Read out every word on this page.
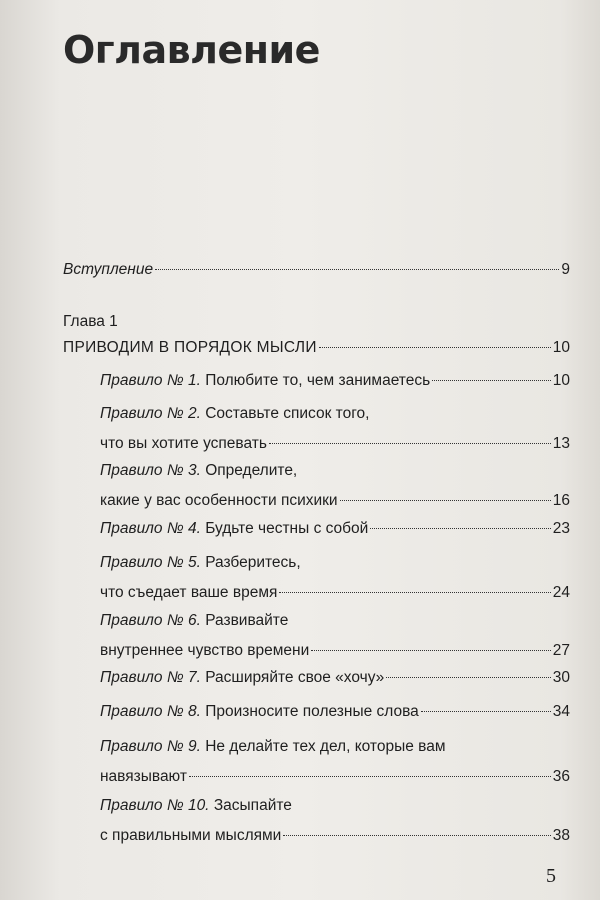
Оглавление
Вступление	9
Глава 1
ПРИВОДИМ В ПОРЯДОК МЫСЛИ	10
Правило № 1. Полюбите то, чем занимаетесь	10
Правило № 2. Составьте список того,
что вы хотите успевать	13
Правило № 3. Определите,
какие у вас особенности психики	16
Правило № 4. Будьте честны с собой	23
Правило № 5. Разберитесь,
что съедает ваше время	24
Правило № 6. Развивайте
внутреннее чувство времени	27
Правило № 7. Расширяйте свое «хочу»	30
Правило № 8. Произносите полезные слова	34
Правило № 9. Не делайте тех дел, которые вам
навязывают	36
Правило № 10. Засыпайте
с правильными мыслями	38
5
